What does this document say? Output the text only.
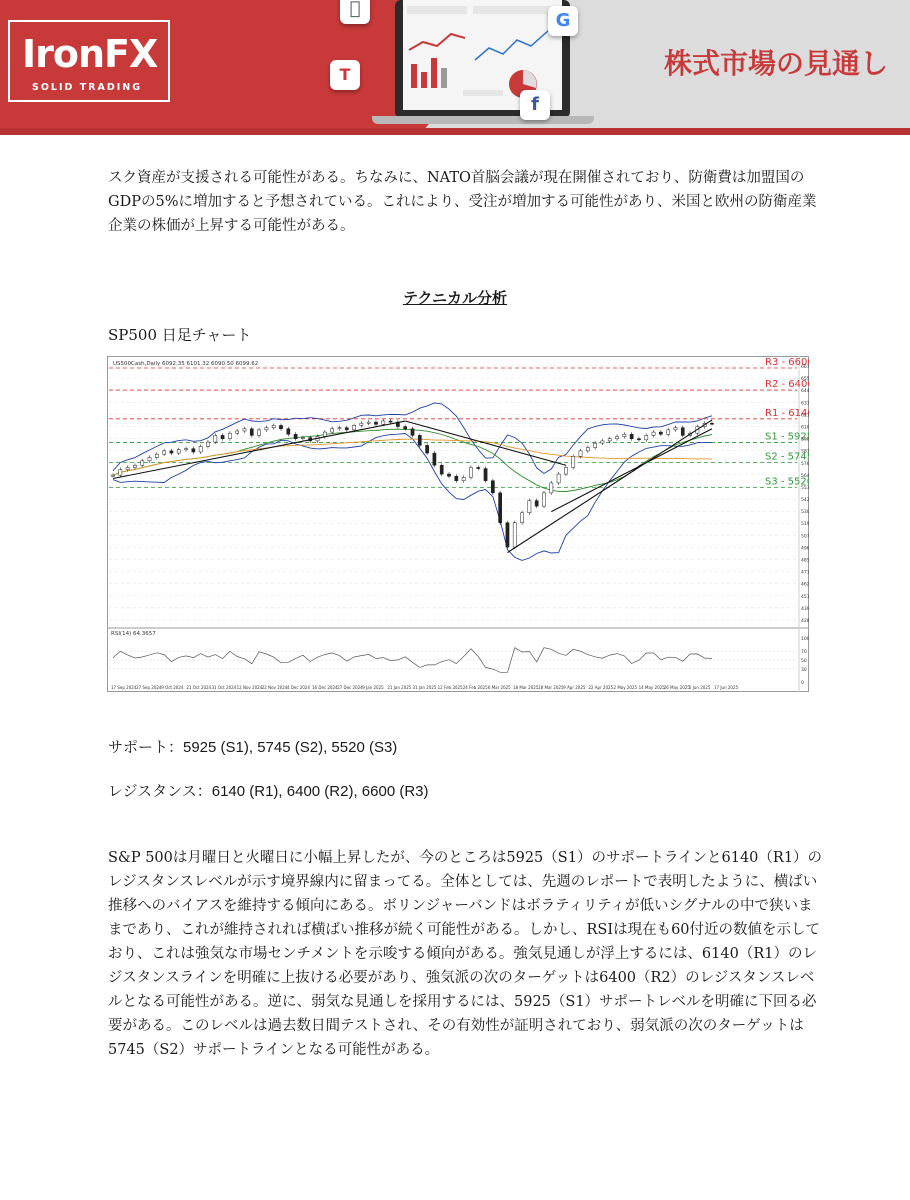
T
G
f
IronFX
SOLID TRADING
株式市場の見通し

スク資産が支援される可能性がある。ちなみに、NATO首脳会議が現在開催されており、防衛費は加盟国のGDPの5%に増加すると予想されている。これにより、受注が増加する可能性があり、米国と欧州の防衛産業企業の株価が上昇する可能性がある。

テクニカル分析
SP500 日足チャート
US500Cash,Daily 6092.35 6101.32 6090.50 6099.62
RSI(14) 64.3657
R3 - 6600
R2 - 6400
R1 - 6140
S1 - 5925
S2 - 5745
S3 - 5520
667
655
644
633
621
610
598
587
576
564
553
542
530
519
507
496
485
473
462
451
439
428
100
70
50
30
0
17 Sep 2024 27 Sep 2024 9 Oct 2024 21 Oct 2024 31 Oct 2024 12 Nov 2024 22 Nov 2024 4 Dec 2024 16 Dec 2024 27 Dec 2024 9 Jan 2025 21 Jan 2025 31 Jan 2025 12 Feb 2025 24 Feb 2025 6 Mar 2025 18 Mar 2025 28 Mar 2025 9 Apr 2025 22 Apr 2025 2 May 2025 14 May 2025 26 May 2025 5 Jun 2025 17 Jun 2025
サポート：5925 (S1), 5745 (S2), 5520 (S3)
レジスタンス：6140 (R1), 6400 (R2), 6600 (R3)

S&P 500は月曜日と火曜日に小幅上昇したが、今のところは5925（S1）のサポートラインと6140（R1）のレジスタンスレベルが示す境界線内に留まってる。全体としては、先週のレポートで表明したように、横ばい推移へのバイアスを維持する傾向にある。ボリンジャーバンドはボラティリティが低いシグナルの中で狭いままであり、これが維持されれば横ばい推移が続く可能性がある。しかし、RSIは現在も60付近の数値を示しており、これは強気な市場センチメントを示唆する傾向がある。強気見通しが浮上するには、6140（R1）のレジスタンスラインを明確に上抜ける必要があり、強気派の次のターゲットは6400（R2）のレジスタンスレベルとなる可能性がある。逆に、弱気な見通しを採用するには、5925（S1）サポートレベルを明確に下回る必要がある。このレベルは過去数日間テストされ、その有効性が証明されており、弱気派の次のターゲットは5745（S2）サポートラインとなる可能性がある。
